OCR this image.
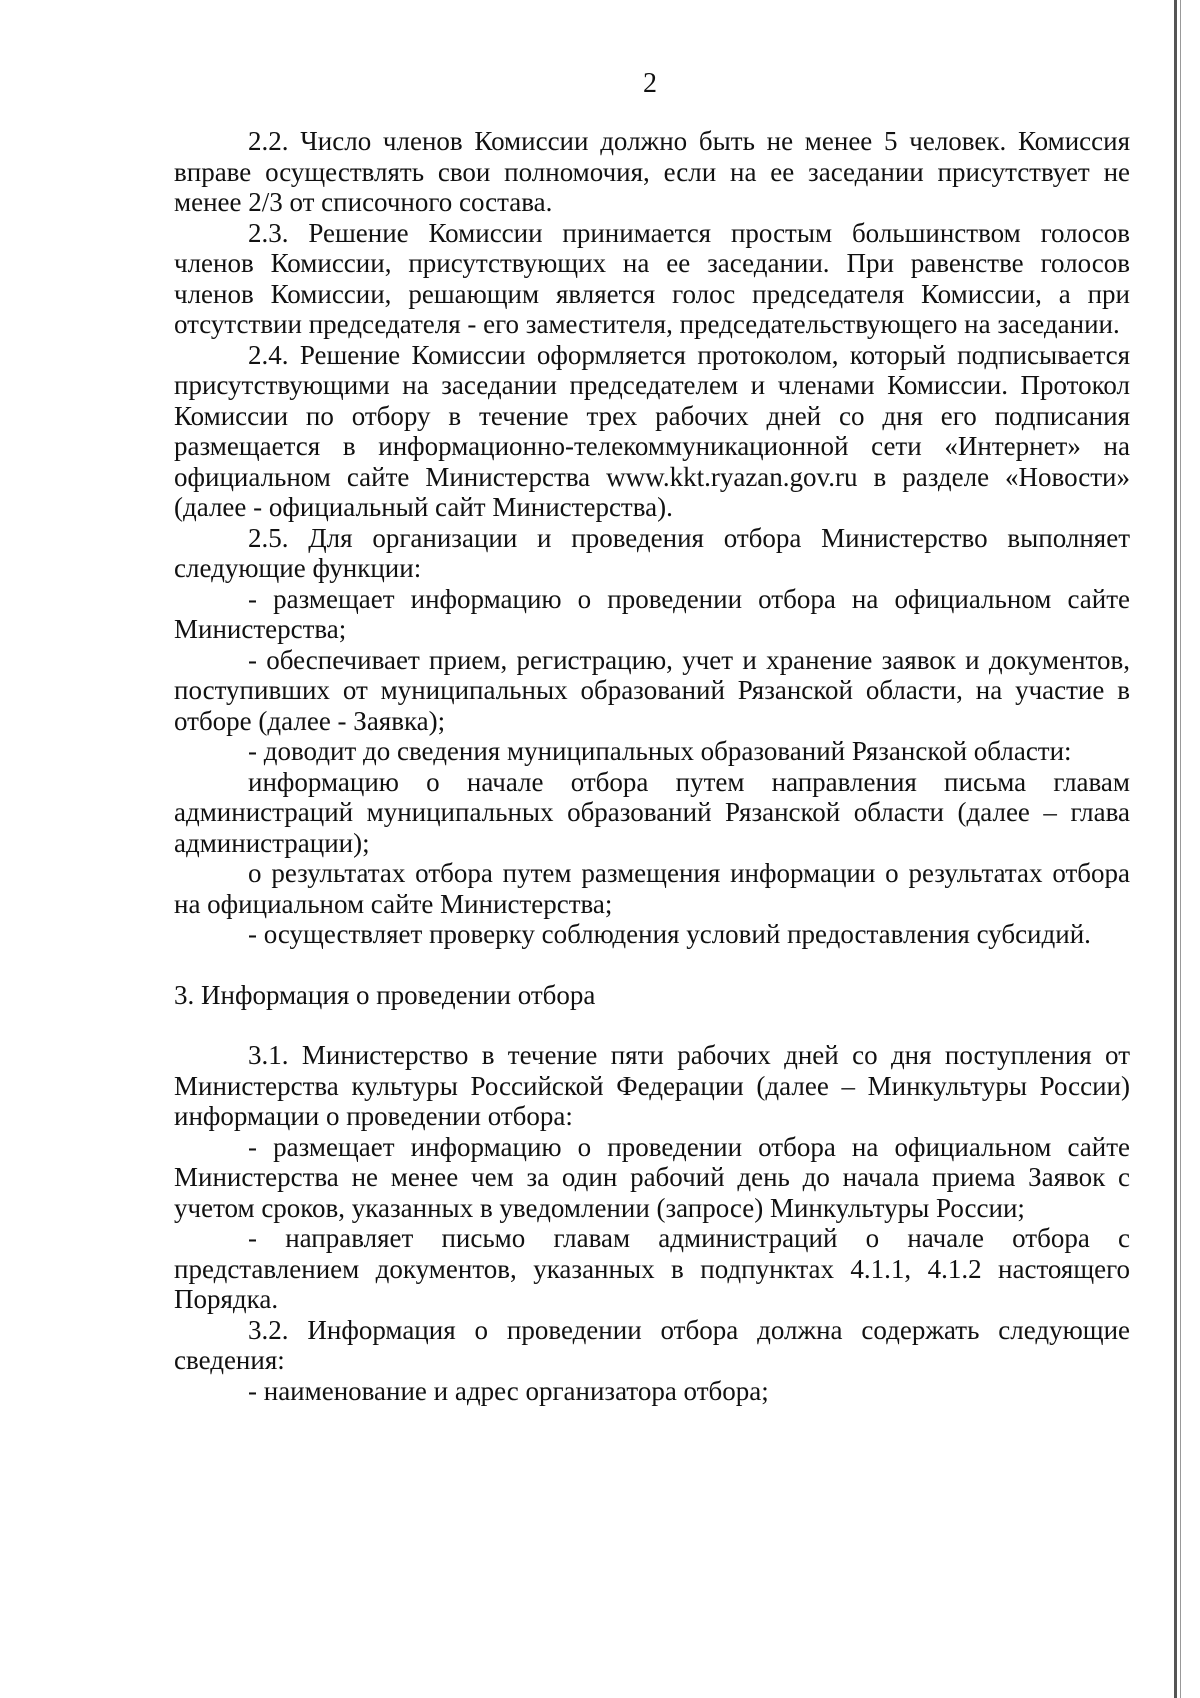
2

2.2. Число членов Комиссии должно быть не менее 5 человек. Комиссия вправе осуществлять свои полномочия, если на ее заседании присутствует не менее 2/3 от списочного состава.

2.3. Решение Комиссии принимается простым большинством голосов членов Комиссии, присутствующих на ее заседании. При равенстве голосов членов Комиссии, решающим является голос председателя Комиссии, а при отсутствии председателя - его заместителя, председательствующего на заседании.

2.4. Решение Комиссии оформляется протоколом, который подписывается присутствующими на заседании председателем и членами Комиссии. Протокол Комиссии по отбору в течение трех рабочих дней со дня его подписания размещается в информационно-телекоммуникационной сети «Интернет» на официальном сайте Министерства www.kkt.ryazan.gov.ru в разделе «Новости» (далее - официальный сайт Министерства).

2.5. Для организации и проведения отбора Министерство выполняет следующие функции:

- размещает информацию о проведении отбора на официальном сайте Министерства;

- обеспечивает прием, регистрацию, учет и хранение заявок и документов, поступивших от муниципальных образований Рязанской области, на участие в отборе (далее - Заявка);

- доводит до сведения муниципальных образований Рязанской области:

информацию о начале отбора путем направления письма главам администраций муниципальных образований Рязанской области (далее – глава администрации);

о результатах отбора путем размещения информации о результатах отбора на официальном сайте Министерства;

- осуществляет проверку соблюдения условий предоставления субсидий.

3. Информация о проведении отбора

3.1. Министерство в течение пяти рабочих дней со дня поступления от Министерства культуры Российской Федерации (далее – Минкультуры России) информации о проведении отбора:

- размещает информацию о проведении отбора на официальном сайте Министерства не менее чем за один рабочий день до начала приема Заявок с учетом сроков, указанных в уведомлении (запросе) Минкультуры России;

- направляет письмо главам администраций о начале отбора с представлением документов, указанных в подпунктах 4.1.1, 4.1.2 настоящего Порядка.

3.2. Информация о проведении отбора должна содержать следующие сведения:

- наименование и адрес организатора отбора;
